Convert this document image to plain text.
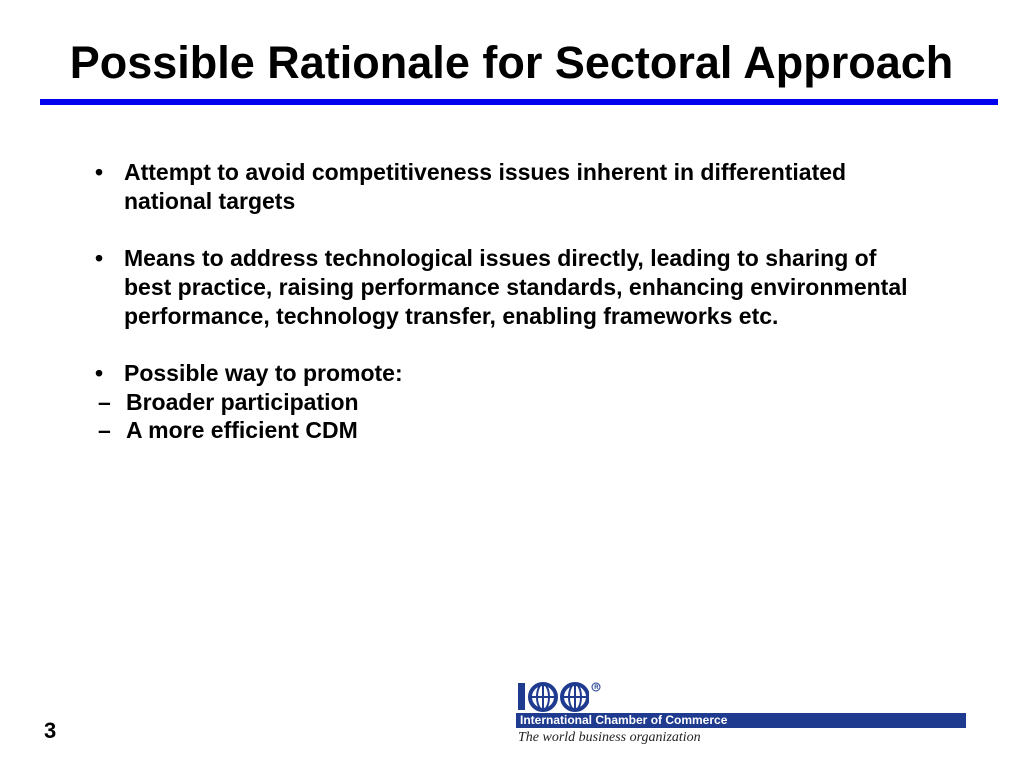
Possible Rationale for Sectoral Approach
• Attempt to avoid competitiveness issues inherent in differentiated national targets
• Means to address technological issues directly, leading to sharing of best practice, raising performance standards, enhancing environmental performance, technology transfer, enabling frameworks etc.
• Possible way to promote:
– Broader participation
– A more efficient CDM
3
R
International Chamber of Commerce
The world business organization
